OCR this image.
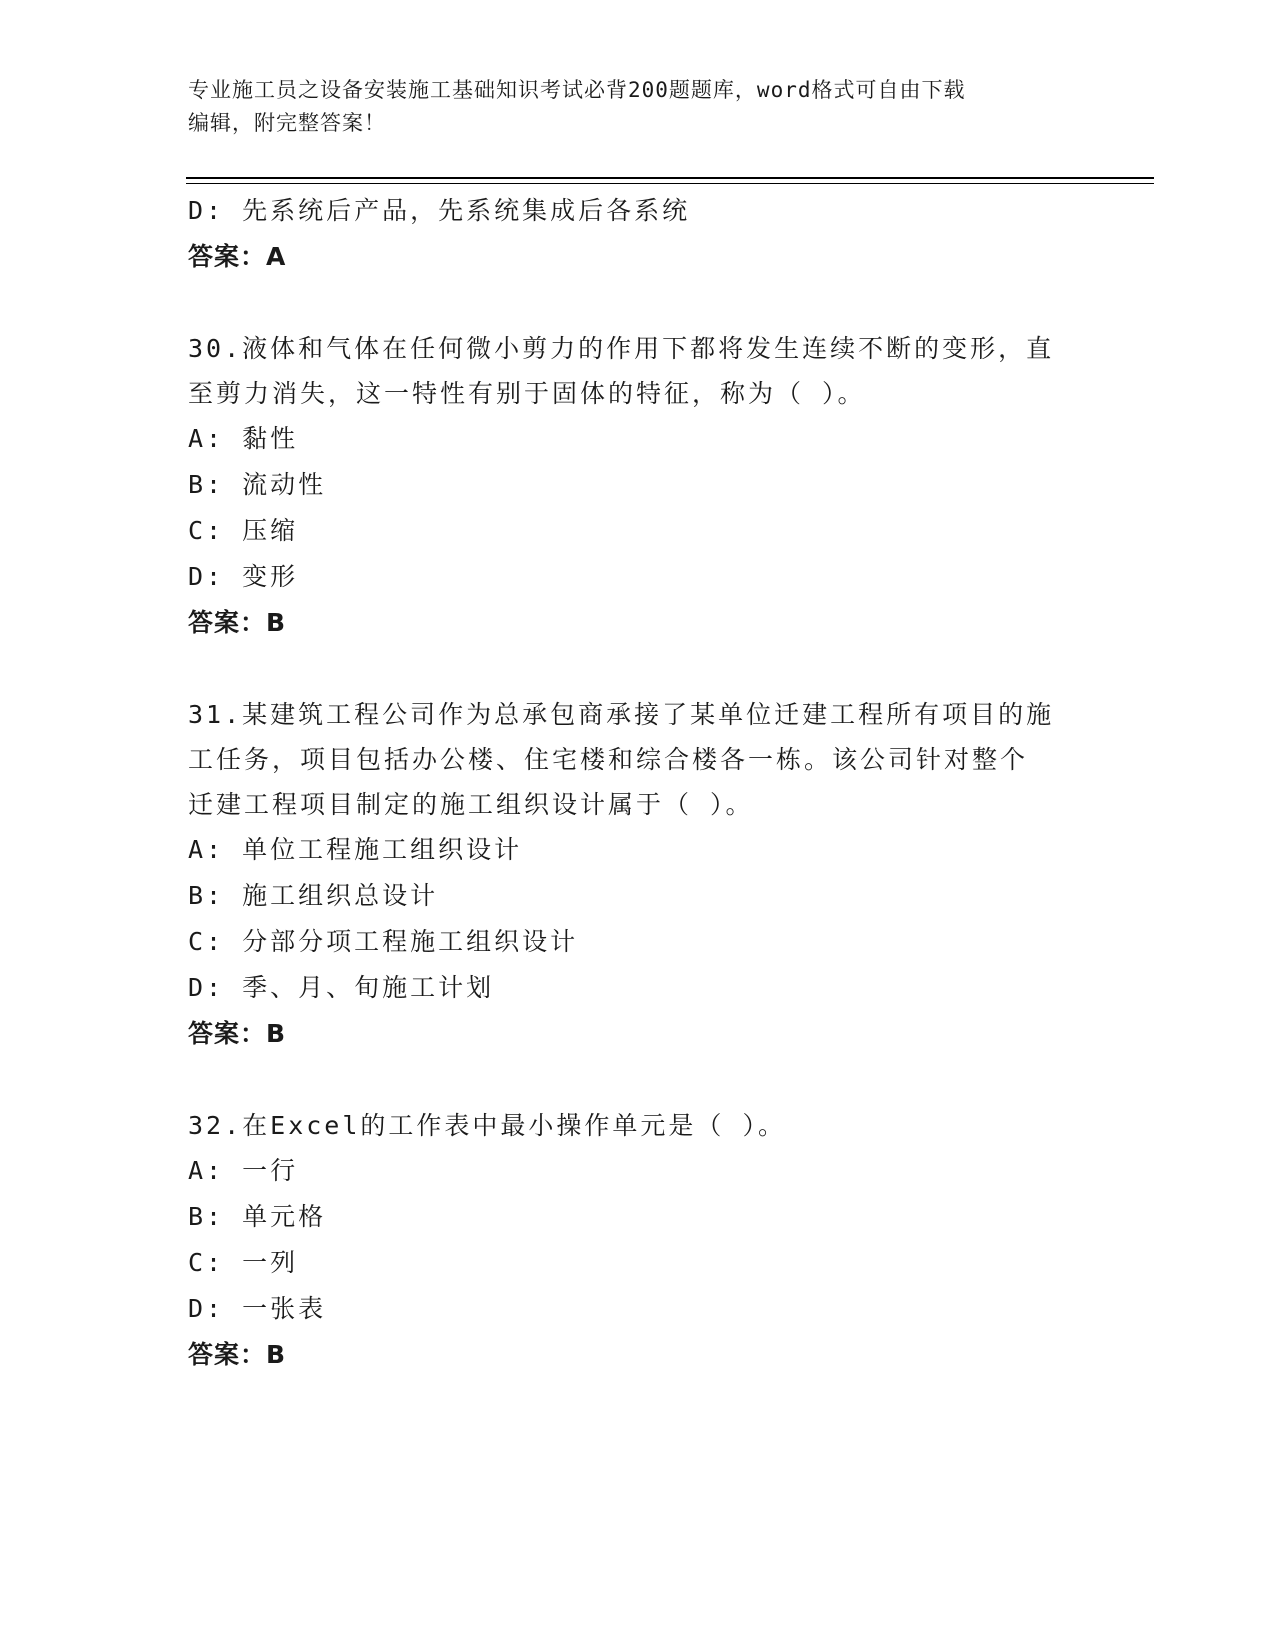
专业施工员之设备安装施工基础知识考试必背200题题库，word格式可自由下载
编辑，附完整答案！
D: 先系统后产品，先系统集成后各系统
答案：A
30.液体和气体在任何微小剪力的作用下都将发生连续不断的变形，直
至剪力消失，这一特性有别于固体的特征，称为（ ）。
A: 黏性
B: 流动性
C: 压缩
D: 变形
答案：B
31.某建筑工程公司作为总承包商承接了某单位迁建工程所有项目的施
工任务，项目包括办公楼、住宅楼和综合楼各一栋。该公司针对整个
迁建工程项目制定的施工组织设计属于（ ）。
A: 单位工程施工组织设计
B: 施工组织总设计
C: 分部分项工程施工组织设计
D: 季、月、旬施工计划
答案：B
32.在Excel的工作表中最小操作单元是（ ）。
A: 一行
B: 单元格
C: 一列
D: 一张表
答案：B
